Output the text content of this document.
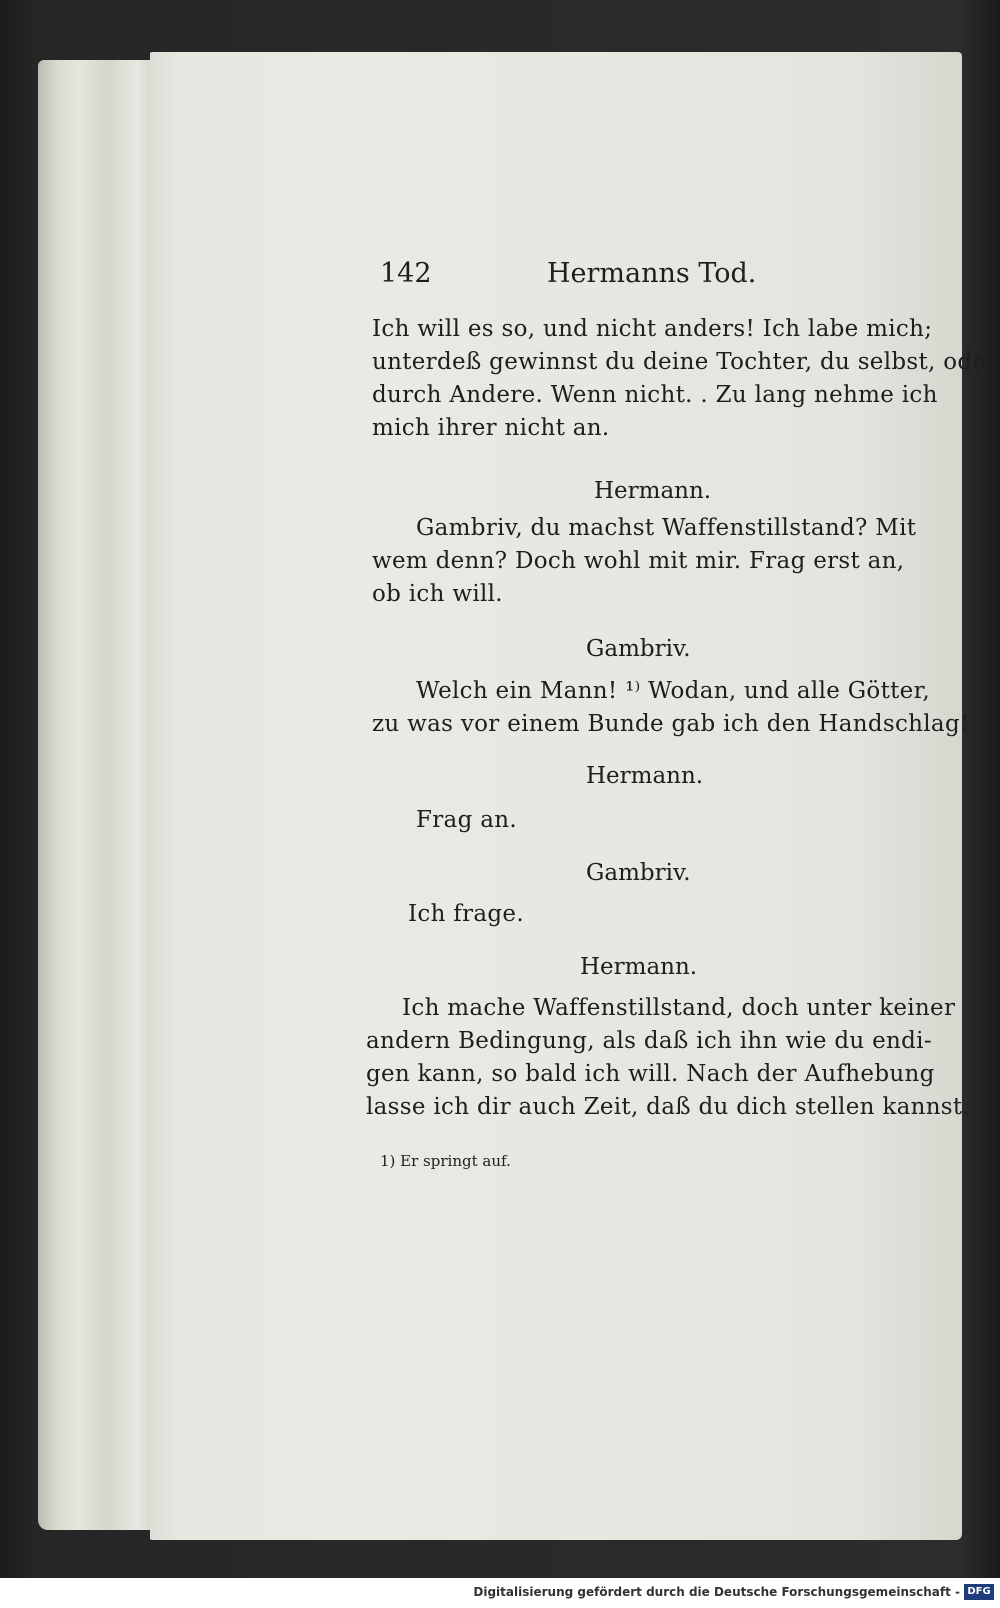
142	Hermanns Tod.
Ich will es so, und nicht anders! Ich labe mich;
unterdeß gewinnst du deine Tochter, du selbst, oder
durch Andere. Wenn nicht. . Zu lang nehme ich
mich ihrer nicht an.
Hermann.
Gambriv, du machst Waffenstillstand? Mit
wem denn? Doch wohl mit mir. Frag erst an,
ob ich will.
Gambriv.
Welch ein Mann! ¹⁾ Wodan, und alle Götter,
zu was vor einem Bunde gab ich den Handschlag!
Hermann.
Frag an.
Gambriv.
Ich frage.
Hermann.
Ich mache Waffenstillstand, doch unter keiner
andern Bedingung, als daß ich ihn wie du endi-
gen kann, so bald ich will. Nach der Aufhebung
lasse ich dir auch Zeit, daß du dich stellen kannst.
1) Er springt auf.
Digitalisierung gefördert durch die Deutsche Forschungsgemeinschaft - DFG
